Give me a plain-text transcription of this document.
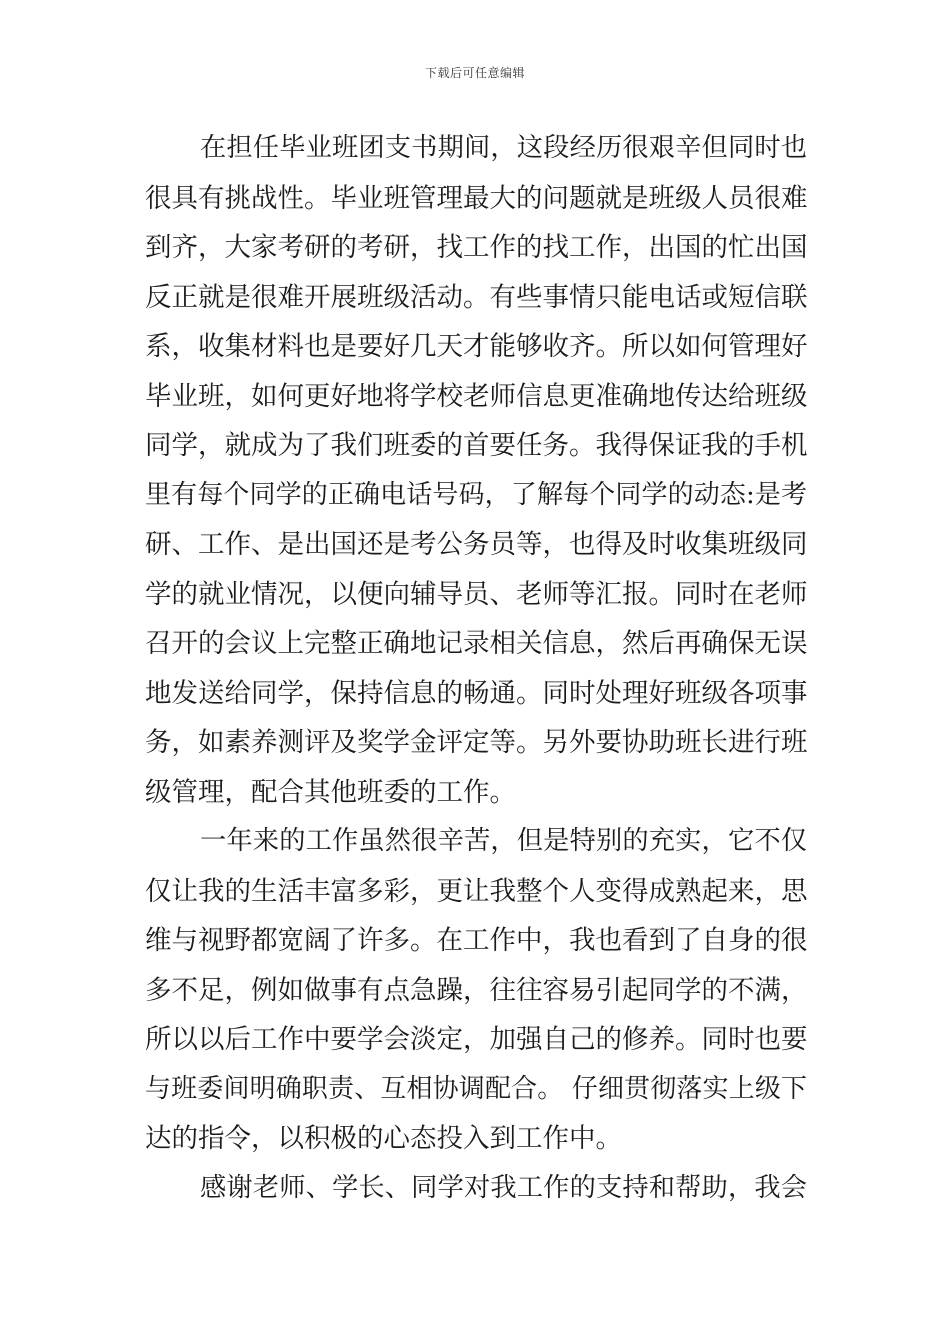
下载后可任意编辑
在担任毕业班团支书期间，这段经历很艰辛但同时也
很具有挑战性。毕业班管理最大的问题就是班级人员很难
到齐，大家考研的考研，找工作的找工作，出国的忙出国
反正就是很难开展班级活动。有些事情只能电话或短信联
系，收集材料也是要好几天才能够收齐。所以如何管理好
毕业班，如何更好地将学校老师信息更准确地传达给班级
同学，就成为了我们班委的首要任务。我得保证我的手机
里有每个同学的正确电话号码，了解每个同学的动态:是考
研、工作、是出国还是考公务员等，也得及时收集班级同
学的就业情况，以便向辅导员、老师等汇报。同时在老师
召开的会议上完整正确地记录相关信息，然后再确保无误
地发送给同学，保持信息的畅通。同时处理好班级各项事
务，如素养测评及奖学金评定等。另外要协助班长进行班
级管理，配合其他班委的工作。
一年来的工作虽然很辛苦，但是特别的充实，它不仅
仅让我的生活丰富多彩，更让我整个人变得成熟起来，思
维与视野都宽阔了许多。在工作中，我也看到了自身的很
多不足，例如做事有点急躁，往往容易引起同学的不满，
所以以后工作中要学会淡定，加强自己的修养。同时也要
与班委间明确职责、互相协调配合。 仔细贯彻落实上级下
达的指令，以积极的心态投入到工作中。
感谢老师、学长、同学对我工作的支持和帮助，我会
